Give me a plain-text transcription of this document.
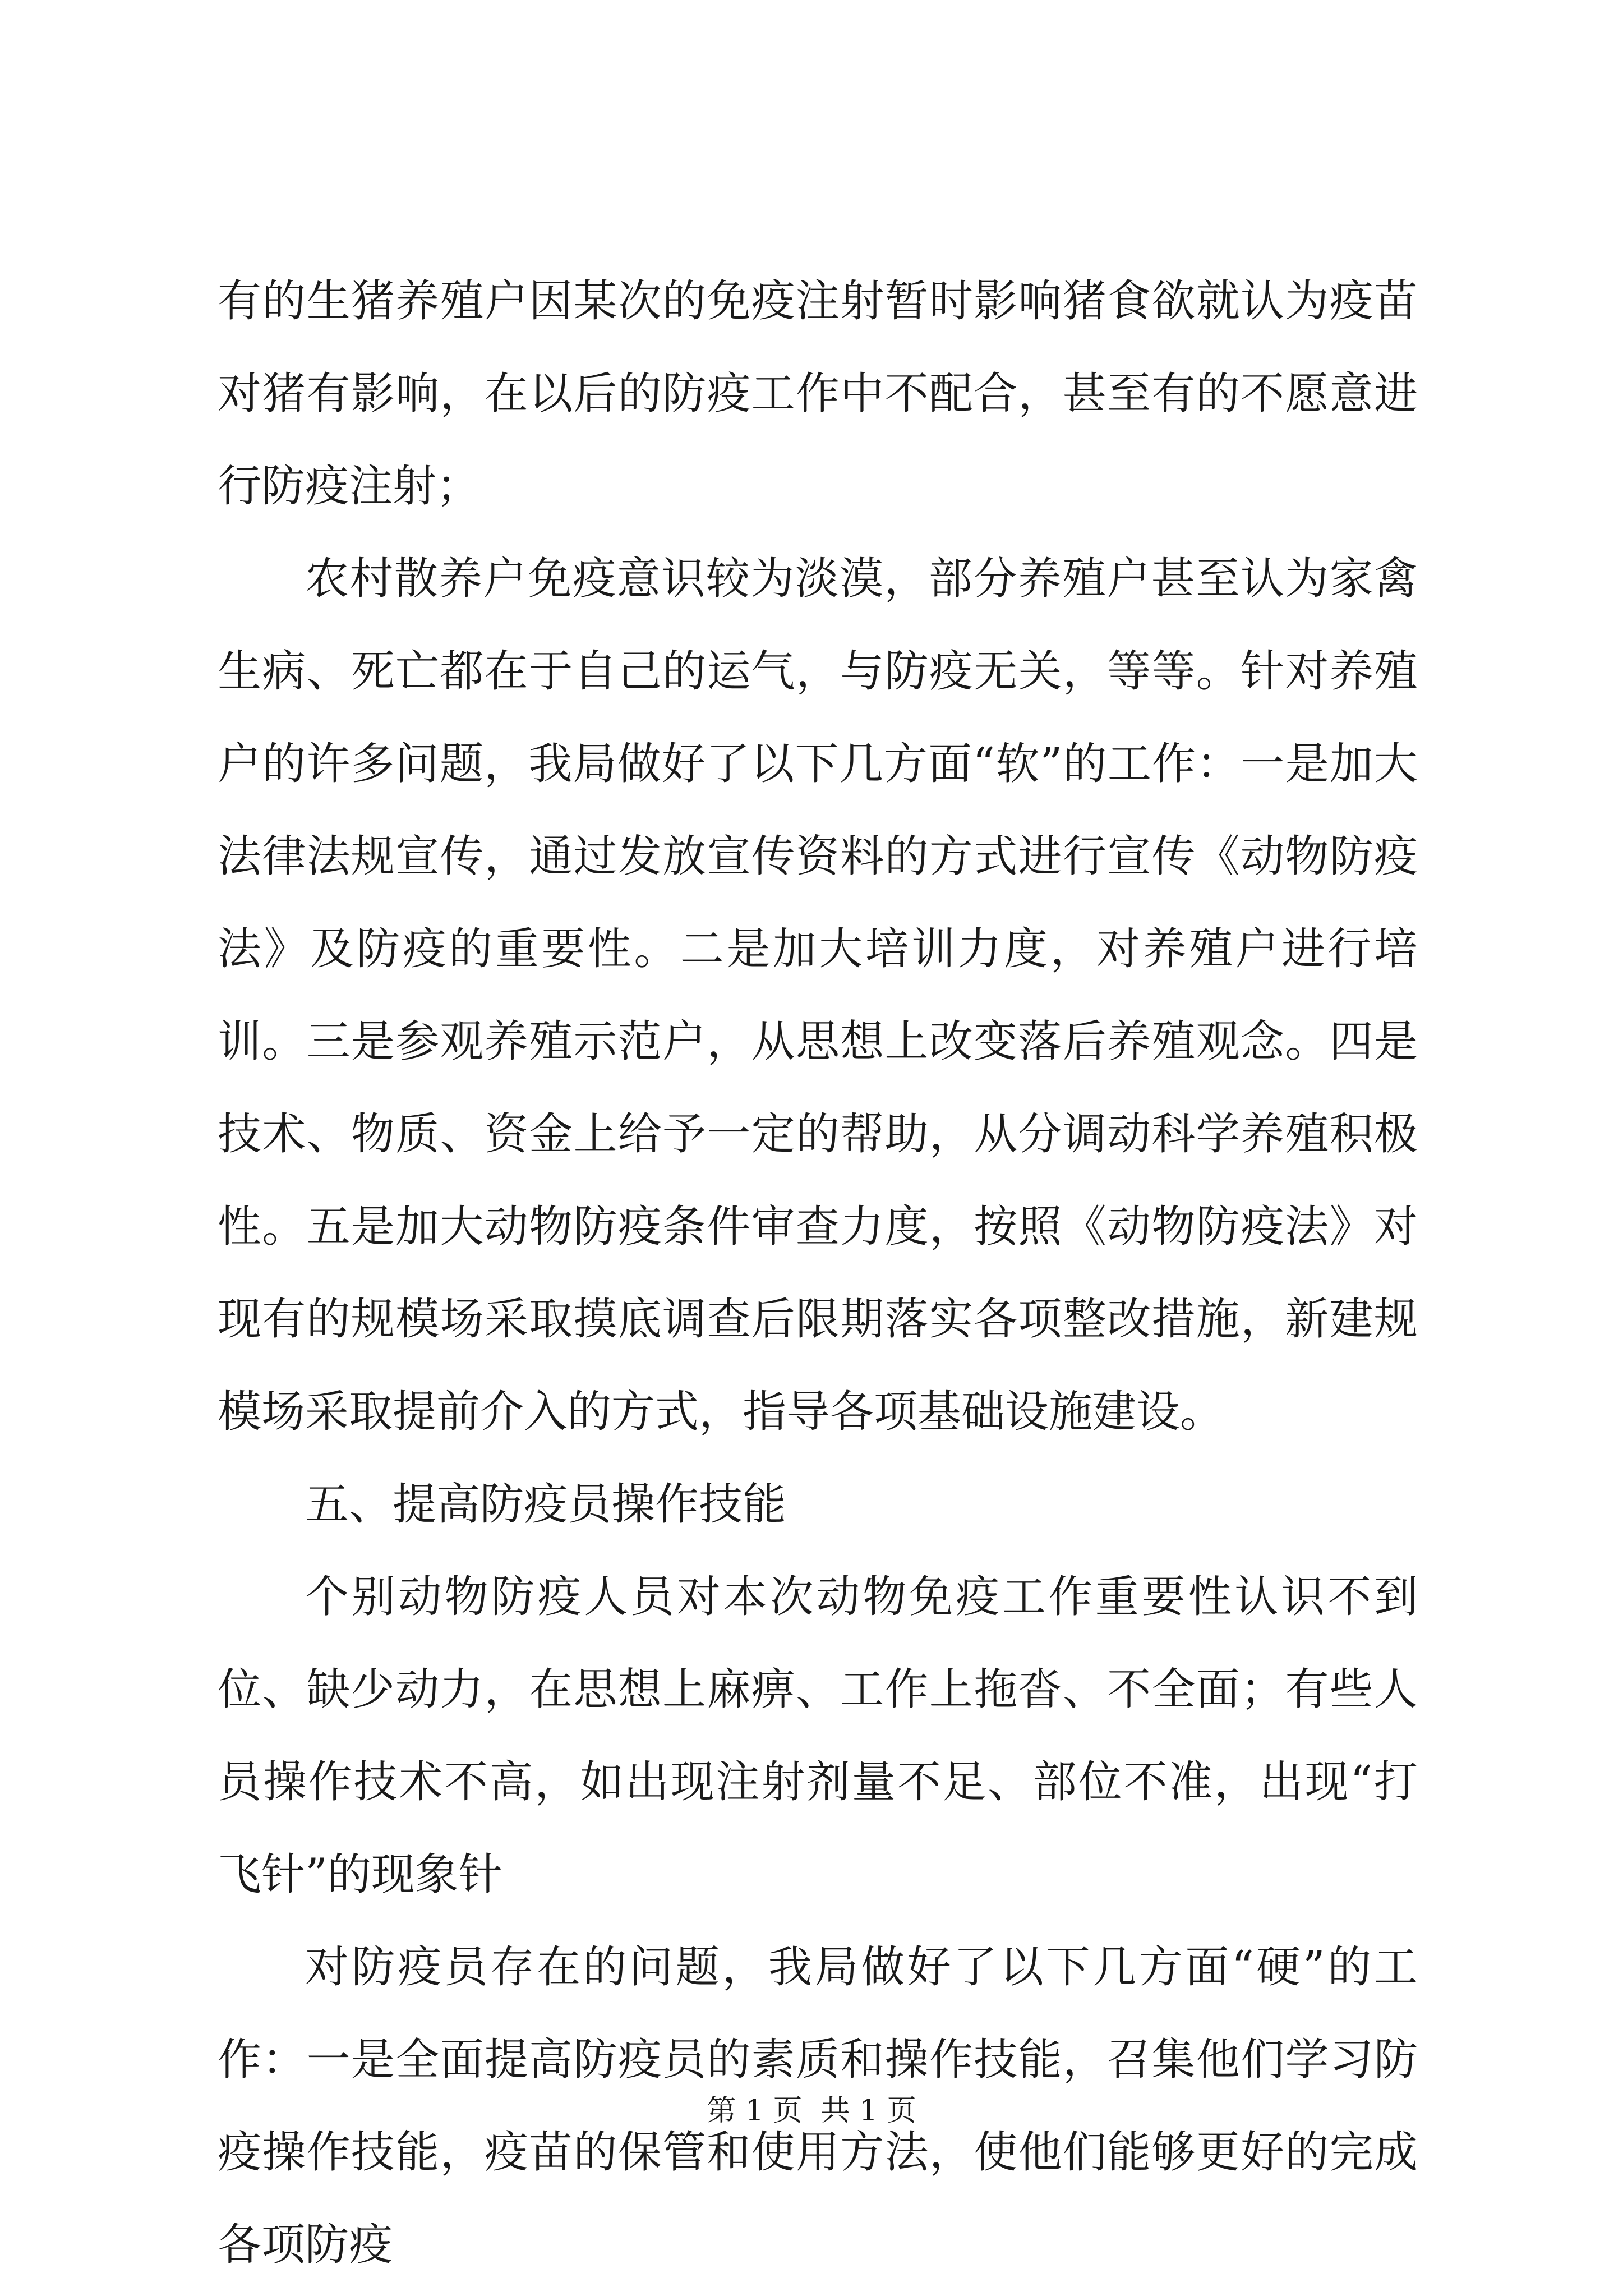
有的生猪养殖户因某次的免疫注射暂时影响猪食欲就认为疫苗对猪有影响，在以后的防疫工作中不配合，甚至有的不愿意进行防疫注射；

农村散养户免疫意识较为淡漠，部分养殖户甚至认为家禽生病、死亡都在于自己的运气，与防疫无关，等等。针对养殖户的许多问题，我局做好了以下几方面“软”的工作：一是加大法律法规宣传，通过发放宣传资料的方式进行宣传《动物防疫法》及防疫的重要性。二是加大培训力度，对养殖户进行培训。三是参观养殖示范户，从思想上改变落后养殖观念。四是技术、物质、资金上给予一定的帮助，从分调动科学养殖积极性。五是加大动物防疫条件审查力度，按照《动物防疫法》对现有的规模场采取摸底调查后限期落实各项整改措施，新建规模场采取提前介入的方式，指导各项基础设施建设。

五、提高防疫员操作技能

个别动物防疫人员对本次动物免疫工作重要性认识不到位、缺少动力，在思想上麻痹、工作上拖沓、不全面；有些人员操作技术不高，如出现注射剂量不足、部位不准，出现“打飞针”的现象针

对防疫员存在的问题，我局做好了以下几方面“硬”的工作：一是全面提高防疫员的素质和操作技能，召集他们学习防疫操作技能，疫苗的保管和使用方法，使他们能够更好的完成各项防疫

第 1 页  共 1 页
